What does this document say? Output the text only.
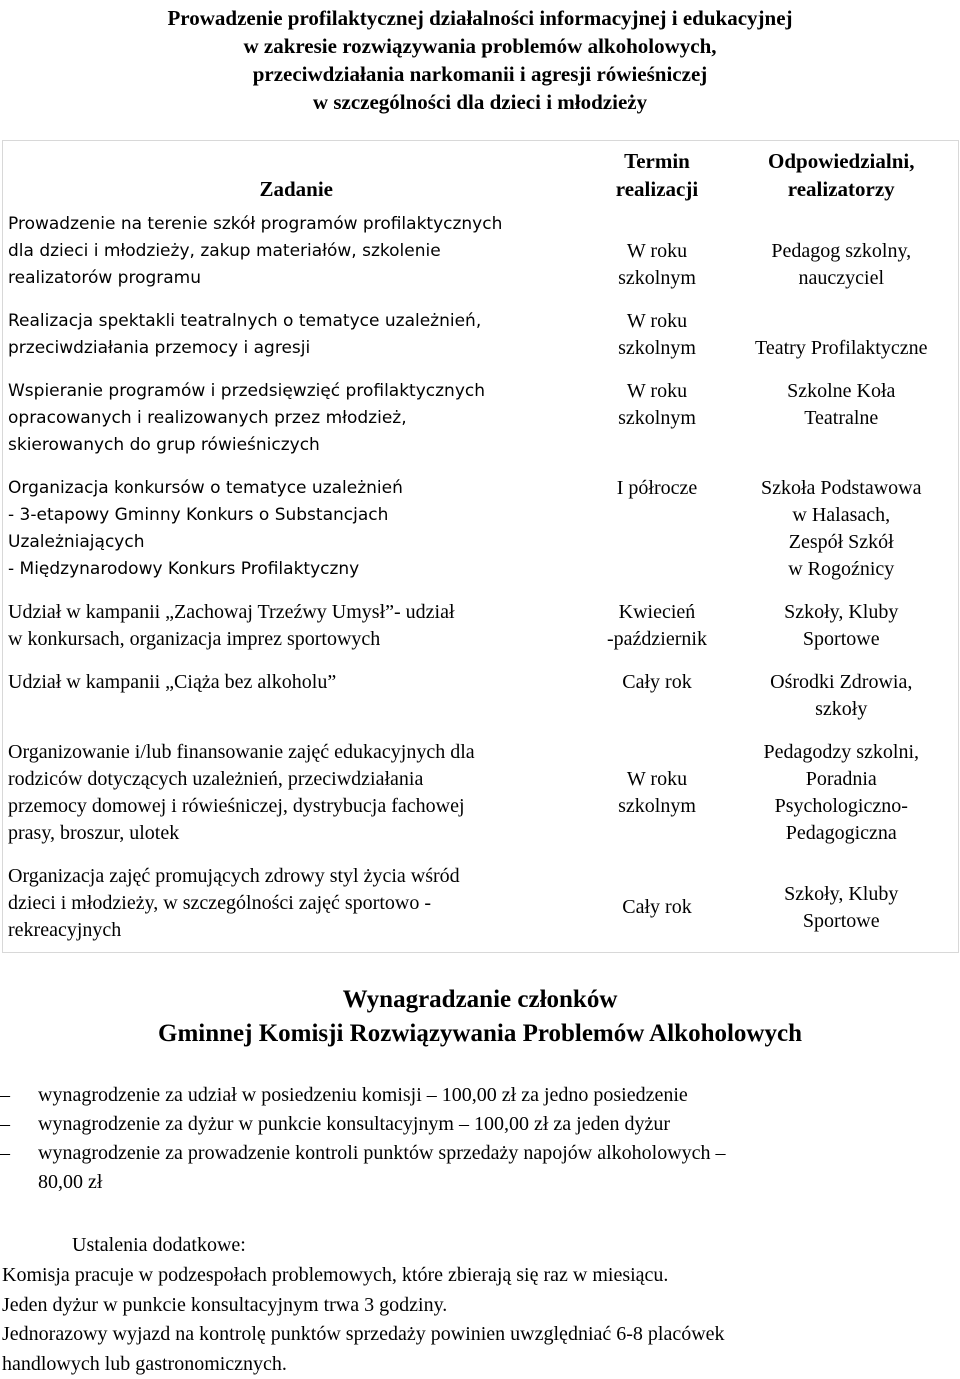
Prowadzenie profilaktycznej działalności informacyjnej i edukacyjnej
w zakresie rozwiązywania problemów alkoholowych,
przeciwdziałania narkomanii i agresji rówieśniczej
w szczególności dla dzieci i młodzieży
Zadanie	Termin
realizacji	Odpowiedzialni,
realizatorzy

Prowadzenie na terenie szkół programów profilaktycznych
dla dzieci i młodzieży, zakup materiałów, szkolenie
realizatorów programu	W roku
szkolnym	Pedagog szkolny,
nauczyciel

Realizacja spektakli teatralnych o tematyce uzależnień,
przeciwdziałania przemocy i agresji	W roku
szkolnym	Teatry Profilaktyczne

Wspieranie programów i przedsięwzięć profilaktycznych
opracowanych i realizowanych przez młodzież,
skierowanych do grup rówieśniczych	W roku
szkolnym	Szkolne Koła
Teatralne

Organizacja konkursów o tematyce uzależnień
- 3-etapowy Gminny Konkurs o Substancjach
Uzależniających
- Międzynarodowy Konkurs Profilaktyczny	I półrocze	Szkoła Podstawowa
w Halasach,
Zespół Szkół
w Rogoźnicy

Udział w kampanii „Zachowaj Trzeźwy Umysł”- udział
w konkursach, organizacja imprez sportowych	Kwiecień
-październik	Szkoły, Kluby
Sportowe

Udział w kampanii „Ciąża bez alkoholu”	Cały rok	Ośrodki Zdrowia,
szkoły

Organizowanie i/lub finansowanie zajęć edukacyjnych dla
rodziców dotyczących uzależnień, przeciwdziałania
przemocy domowej i rówieśniczej, dystrybucja fachowej
prasy, broszur, ulotek	W roku
szkolnym	Pedagodzy szkolni,
Poradnia
Psychologiczno-
Pedagogiczna

Organizacja zajęć promujących zdrowy styl życia wśród
dzieci i młodzieży, w szczególności zajęć sportowo -
rekreacyjnych	Cały rok	Szkoły, Kluby
Sportowe
Wynagradzanie członków
Gminnej Komisji Rozwiązywania Problemów Alkoholowych
– wynagrodzenie za udział w posiedzeniu komisji – 100,00 zł za jedno posiedzenie
– wynagrodzenie za dyżur w punkcie konsultacyjnym – 100,00 zł za jeden dyżur
– wynagrodzenie za prowadzenie kontroli punktów sprzedaży napojów alkoholowych –
80,00 zł
Ustalenia dodatkowe:
Komisja pracuje w podzespołach problemowych, które zbierają się raz w miesiącu.
Jeden dyżur w punkcie konsultacyjnym trwa 3 godziny.
Jednorazowy wyjazd na kontrolę punktów sprzedaży powinien uwzględniać 6-8 placówek
handlowych lub gastronomicznych.
